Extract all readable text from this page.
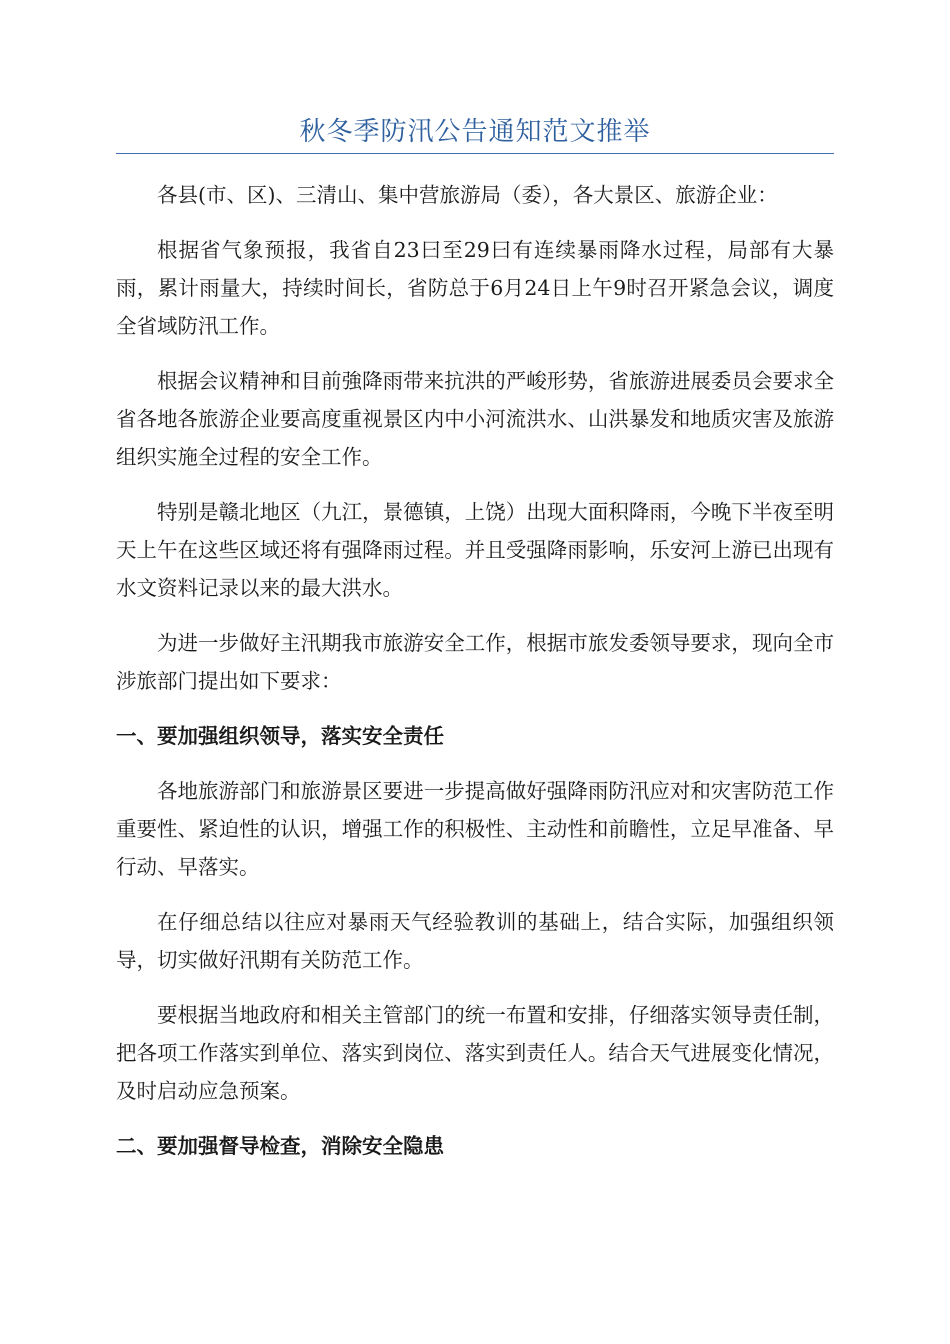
秋冬季防汛公告通知范文推举

各县(市、区)、三清山、集中营旅游局（委），各大景区、旅游企业：

根据省气象预报，我省自23曰至29曰有连续暴雨降水过程，局部有大暴雨，累计雨量大，持续时间长，省防总于6月24日上午9时召开紧急会议，调度全省域防汛工作。

根据会议精神和目前強降雨带来抗洪的严峻形势，省旅游进展委员会要求全省各地各旅游企业要高度重视景区内中小河流洪水、山洪暴发和地质灾害及旅游组织实施全过程的安全工作。

特别是赣北地区（九江，景德镇，上饶）出现大面积降雨，今晚下半夜至明天上午在这些区域还将有强降雨过程。并且受强降雨影响，乐安河上游已出现有水文资料记录以来的最大洪水。

为进一步做好主汛期我市旅游安全工作，根据市旅发委领导要求，现向全市涉旅部门提出如下要求：

一、要加强组织领导，落实安全责任

各地旅游部门和旅游景区要进一步提高做好强降雨防汛应对和灾害防范工作重要性、紧迫性的认识，增强工作的积极性、主动性和前瞻性，立足早准备、早行动、早落实。

在仔细总结以往应对暴雨天气经验教训的基础上，结合实际，加强组织领导，切实做好汛期有关防范工作。

要根据当地政府和相关主管部门的统一布置和安排，仔细落实领导责任制，把各项工作落实到单位、落实到岗位、落实到责任人。结合天气进展变化情况，及时启动应急预案。

二、要加强督导检查，消除安全隐患
